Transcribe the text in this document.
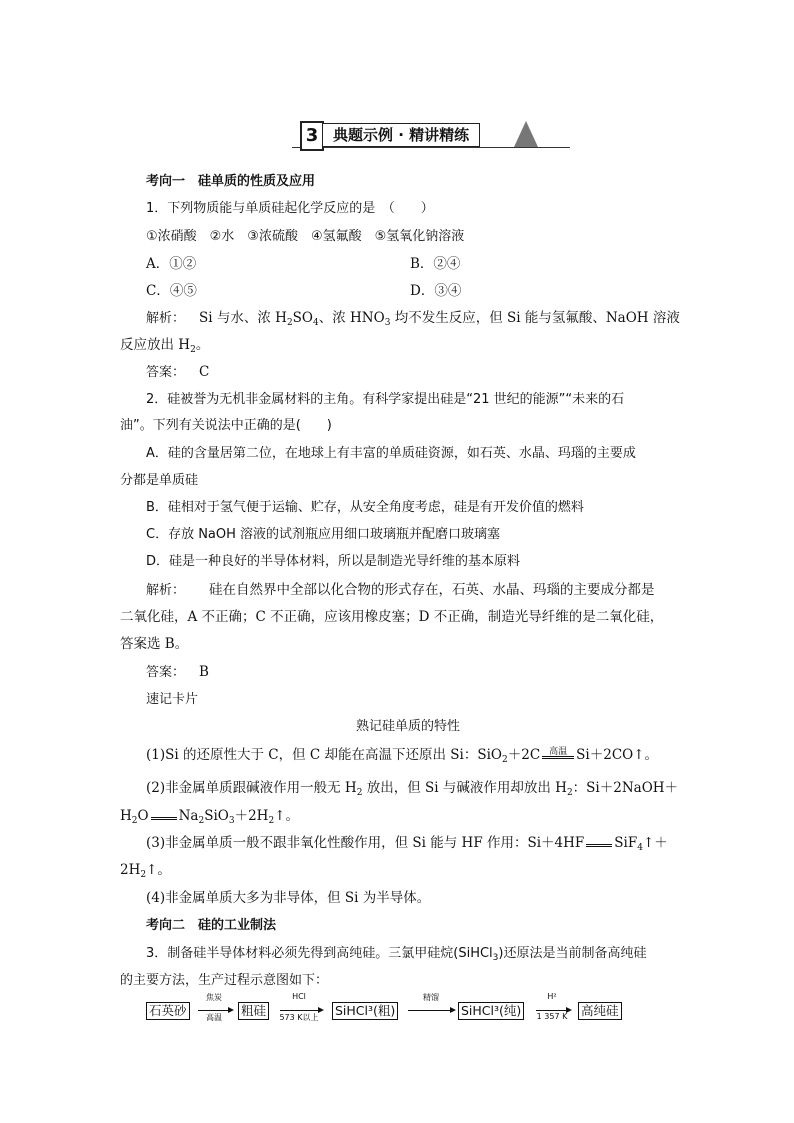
3 典题示例 · 精讲精练
考向一　硅单质的性质及应用
1．下列物质能与单质硅起化学反应的是　（　　）
①浓硝酸　②水　③浓硫酸　④氢氟酸　⑤氢氧化钠溶液
A．①②	B．②④
C．④⑤	D．③④
解析： Si 与水、浓 $H_2SO_4$、浓 $HNO_3$ 均不发生反应，但 Si 能与氢氟酸、NaOH 溶液
反应放出 $H_2$。
答案： C
2．硅被誉为无机非金属材料的主角。有科学家提出硅是“21 世纪的能源”“未来的石
油”。下列有关说法中正确的是(　　)
A．硅的含量居第二位，在地球上有丰富的单质硅资源，如石英、水晶、玛瑙的主要成
分都是单质硅
B．硅相对于氢气便于运输、贮存，从安全角度考虑，硅是有开发价值的燃料
C．存放 NaOH 溶液的试剂瓶应用细口玻璃瓶并配磨口玻璃塞
D．硅是一种良好的半导体材料，所以是制造光导纤维的基本原料
解析： 硅在自然界中全部以化合物的形式存在，石英、水晶、玛瑙的主要成分都是
二氧化硅，A 不正确；C 不正确，应该用橡皮塞；D 不正确，制造光导纤维的是二氧化硅，
答案选 B。
答案： B
速记卡片
熟记硅单质的特性
(1)Si 的还原性大于 C，但 C 却能在高温下还原出 Si：SiO$_2$＋2C 高温 Si＋2CO↑。
(2)非金属单质跟碱液作用一般无 $H_2$ 放出，但 Si 与碱液作用却放出 $H_2$：Si＋2NaOH＋
$H_2O$ $Na_2SiO_3+2H_2↑$。
(3)非金属单质一般不跟非氧化性酸作用，但 Si 能与 HF 作用：Si＋4HF SiF$_4$↑＋
$2H_2↑$。
(4)非金属单质大多为非导体，但 Si 为半导体。
考向二　硅的工业制法
3．制备硅半导体材料必须先得到高纯硅。三氯甲硅烷(SiHCl$_3$)还原法是当前制备高纯硅
的主要方法，生产过程示意图如下：
石英砂
焦炭
高温	粗硅
HCl
573 K以上	SiHCl³(粗)
精馏
SiHCl³(纯)
H²
1 357 K	高纯硅
